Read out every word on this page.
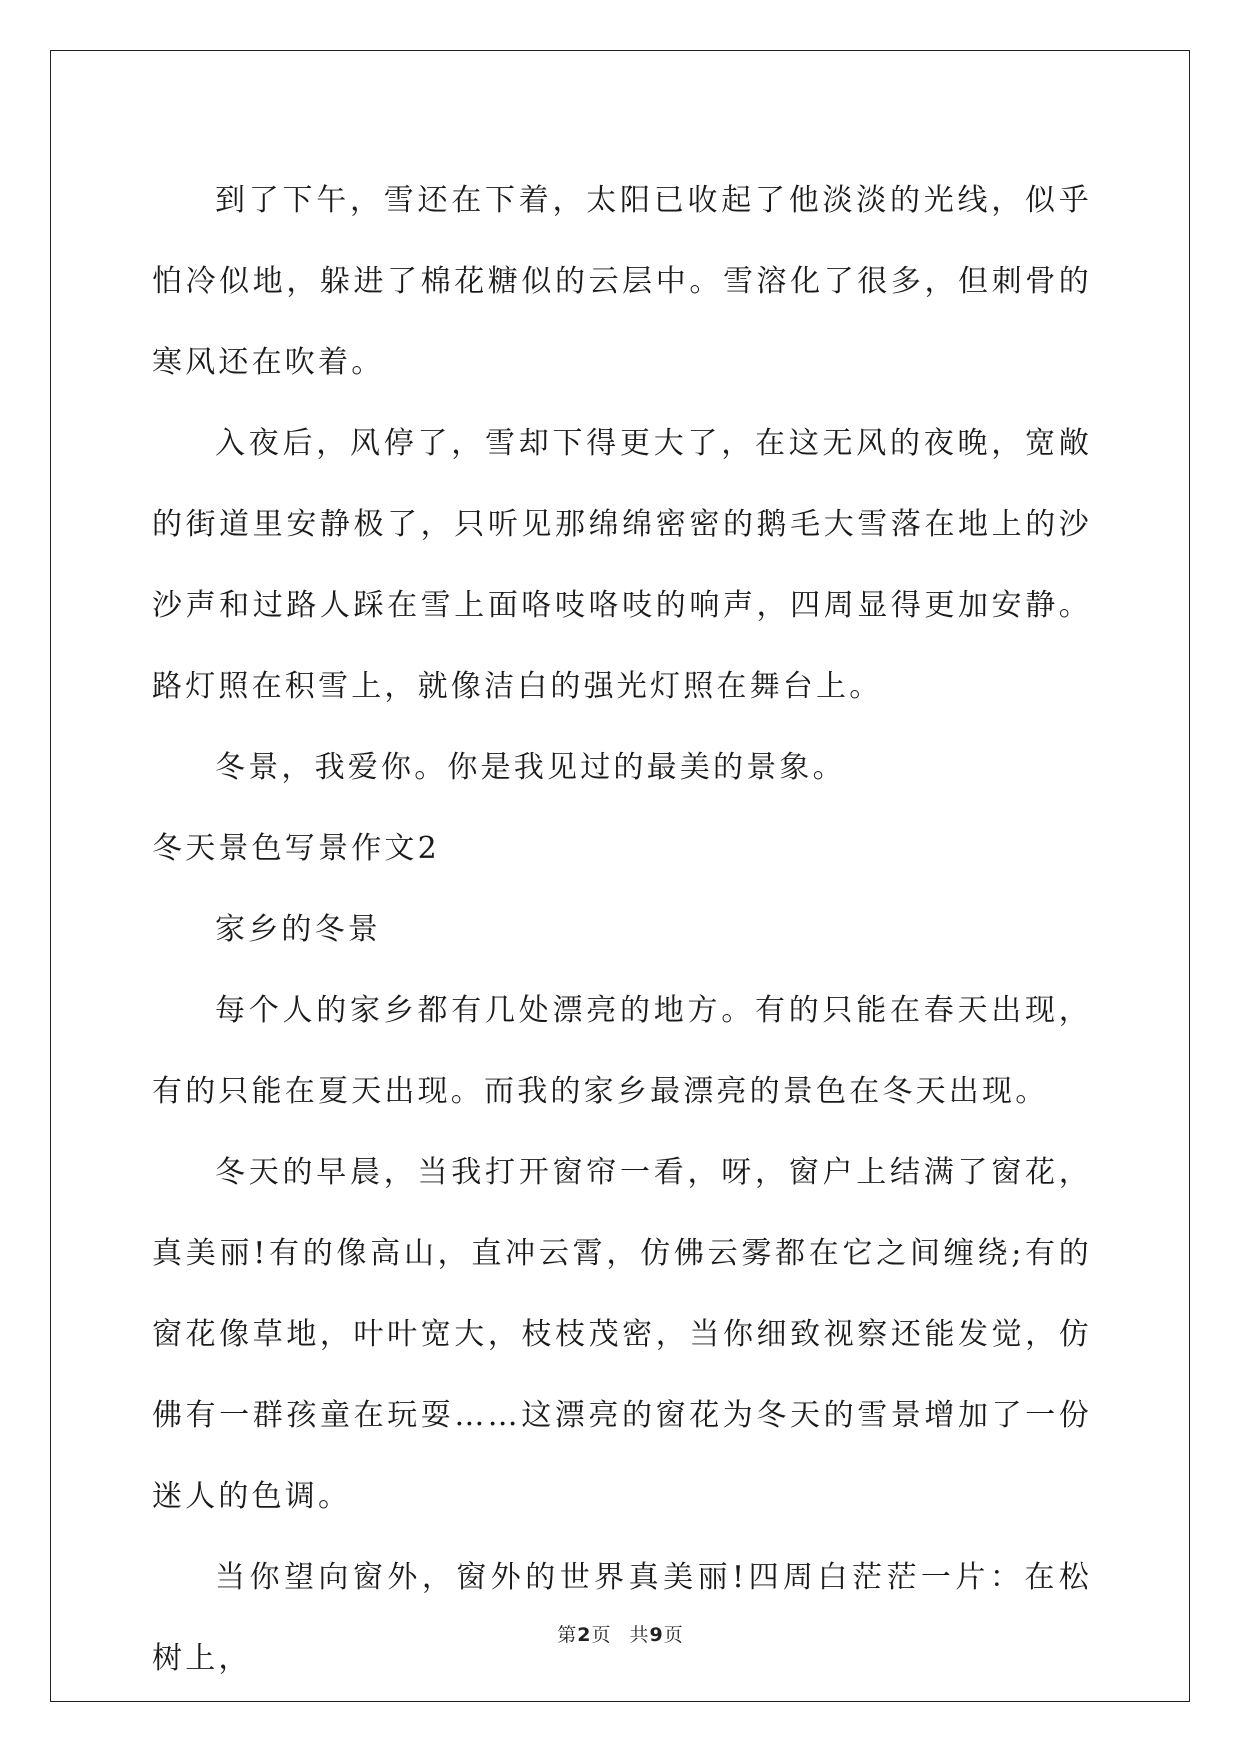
到了下午，雪还在下着，太阳已收起了他淡淡的光线，似乎怕冷似地，躲进了棉花糖似的云层中。雪溶化了很多，但刺骨的寒风还在吹着。

入夜后，风停了，雪却下得更大了，在这无风的夜晚，宽敞的街道里安静极了，只听见那绵绵密密的鹅毛大雪落在地上的沙沙声和过路人踩在雪上面咯吱咯吱的响声，四周显得更加安静。路灯照在积雪上，就像洁白的强光灯照在舞台上。

冬景，我爱你。你是我见过的最美的景象。

冬天景色写景作文2

家乡的冬景

每个人的家乡都有几处漂亮的地方。有的只能在春天出现，有的只能在夏天出现。而我的家乡最漂亮的景色在冬天出现。

冬天的早晨，当我打开窗帘一看，呀，窗户上结满了窗花，真美丽!有的像高山，直冲云霄，仿佛云雾都在它之间缠绕;有的窗花像草地，叶叶宽大，枝枝茂密，当你细致视察还能发觉，仿佛有一群孩童在玩耍……这漂亮的窗花为冬天的雪景增加了一份迷人的色调。

当你望向窗外，窗外的世界真美丽!四周白茫茫一片：在松树上，

第2页 共9页
